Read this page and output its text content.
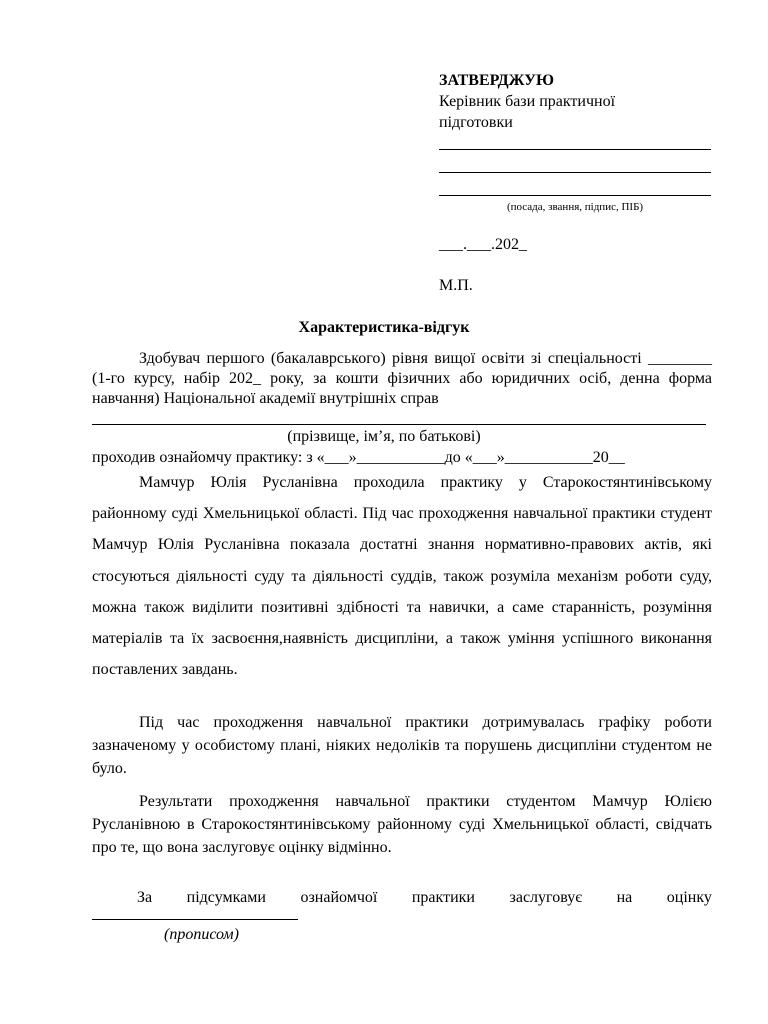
ЗАТВЕРДЖУЮ
Керівник бази практичної
підготовки
(посада, звання, підпис, ПІБ)
___.___.202_
М.П.
Характеристика-відгук
Здобувач першого (бакалаврського) рівня вищої освіти зі спеціальності ________ (1-го курсу, набір 202_ року, за кошти фізичних або юридичних осіб, денна форма навчання) Національної академії внутрішніх справ
(прізвище, ім’я, по батькові)
проходив ознайомчу практику: з «___»___________до «___»___________20__
Мамчур Юлія Русланівна проходила практику у Старокостянтинівському районному суді Хмельницької області. Під час проходження навчальної практики студент Мамчур Юлія Русланівна показала достатні знання нормативно-правових актів, які стосуються діяльності суду та діяльності суддів, також розуміла механізм роботи суду, можна також виділити позитивні здібності та навички, а саме старанність, розуміння матеріалів та їх засвоєння,наявність дисципліни, а також уміння успішного виконання поставлених завдань.
Під час проходження навчальної практики дотримувалась графіку роботи зазначеному у особистому плані, ніяких недоліків та порушень дисципліни студентом не було.
Результати проходження навчальної практики студентом Мамчур Юлією Русланівною в Старокостянтинівському районному суді Хмельницької області, свідчать про те, що вона заслуговує оцінку відмінно.
За підсумками ознайомчої практики заслуговує на оцінку
(прописом)
